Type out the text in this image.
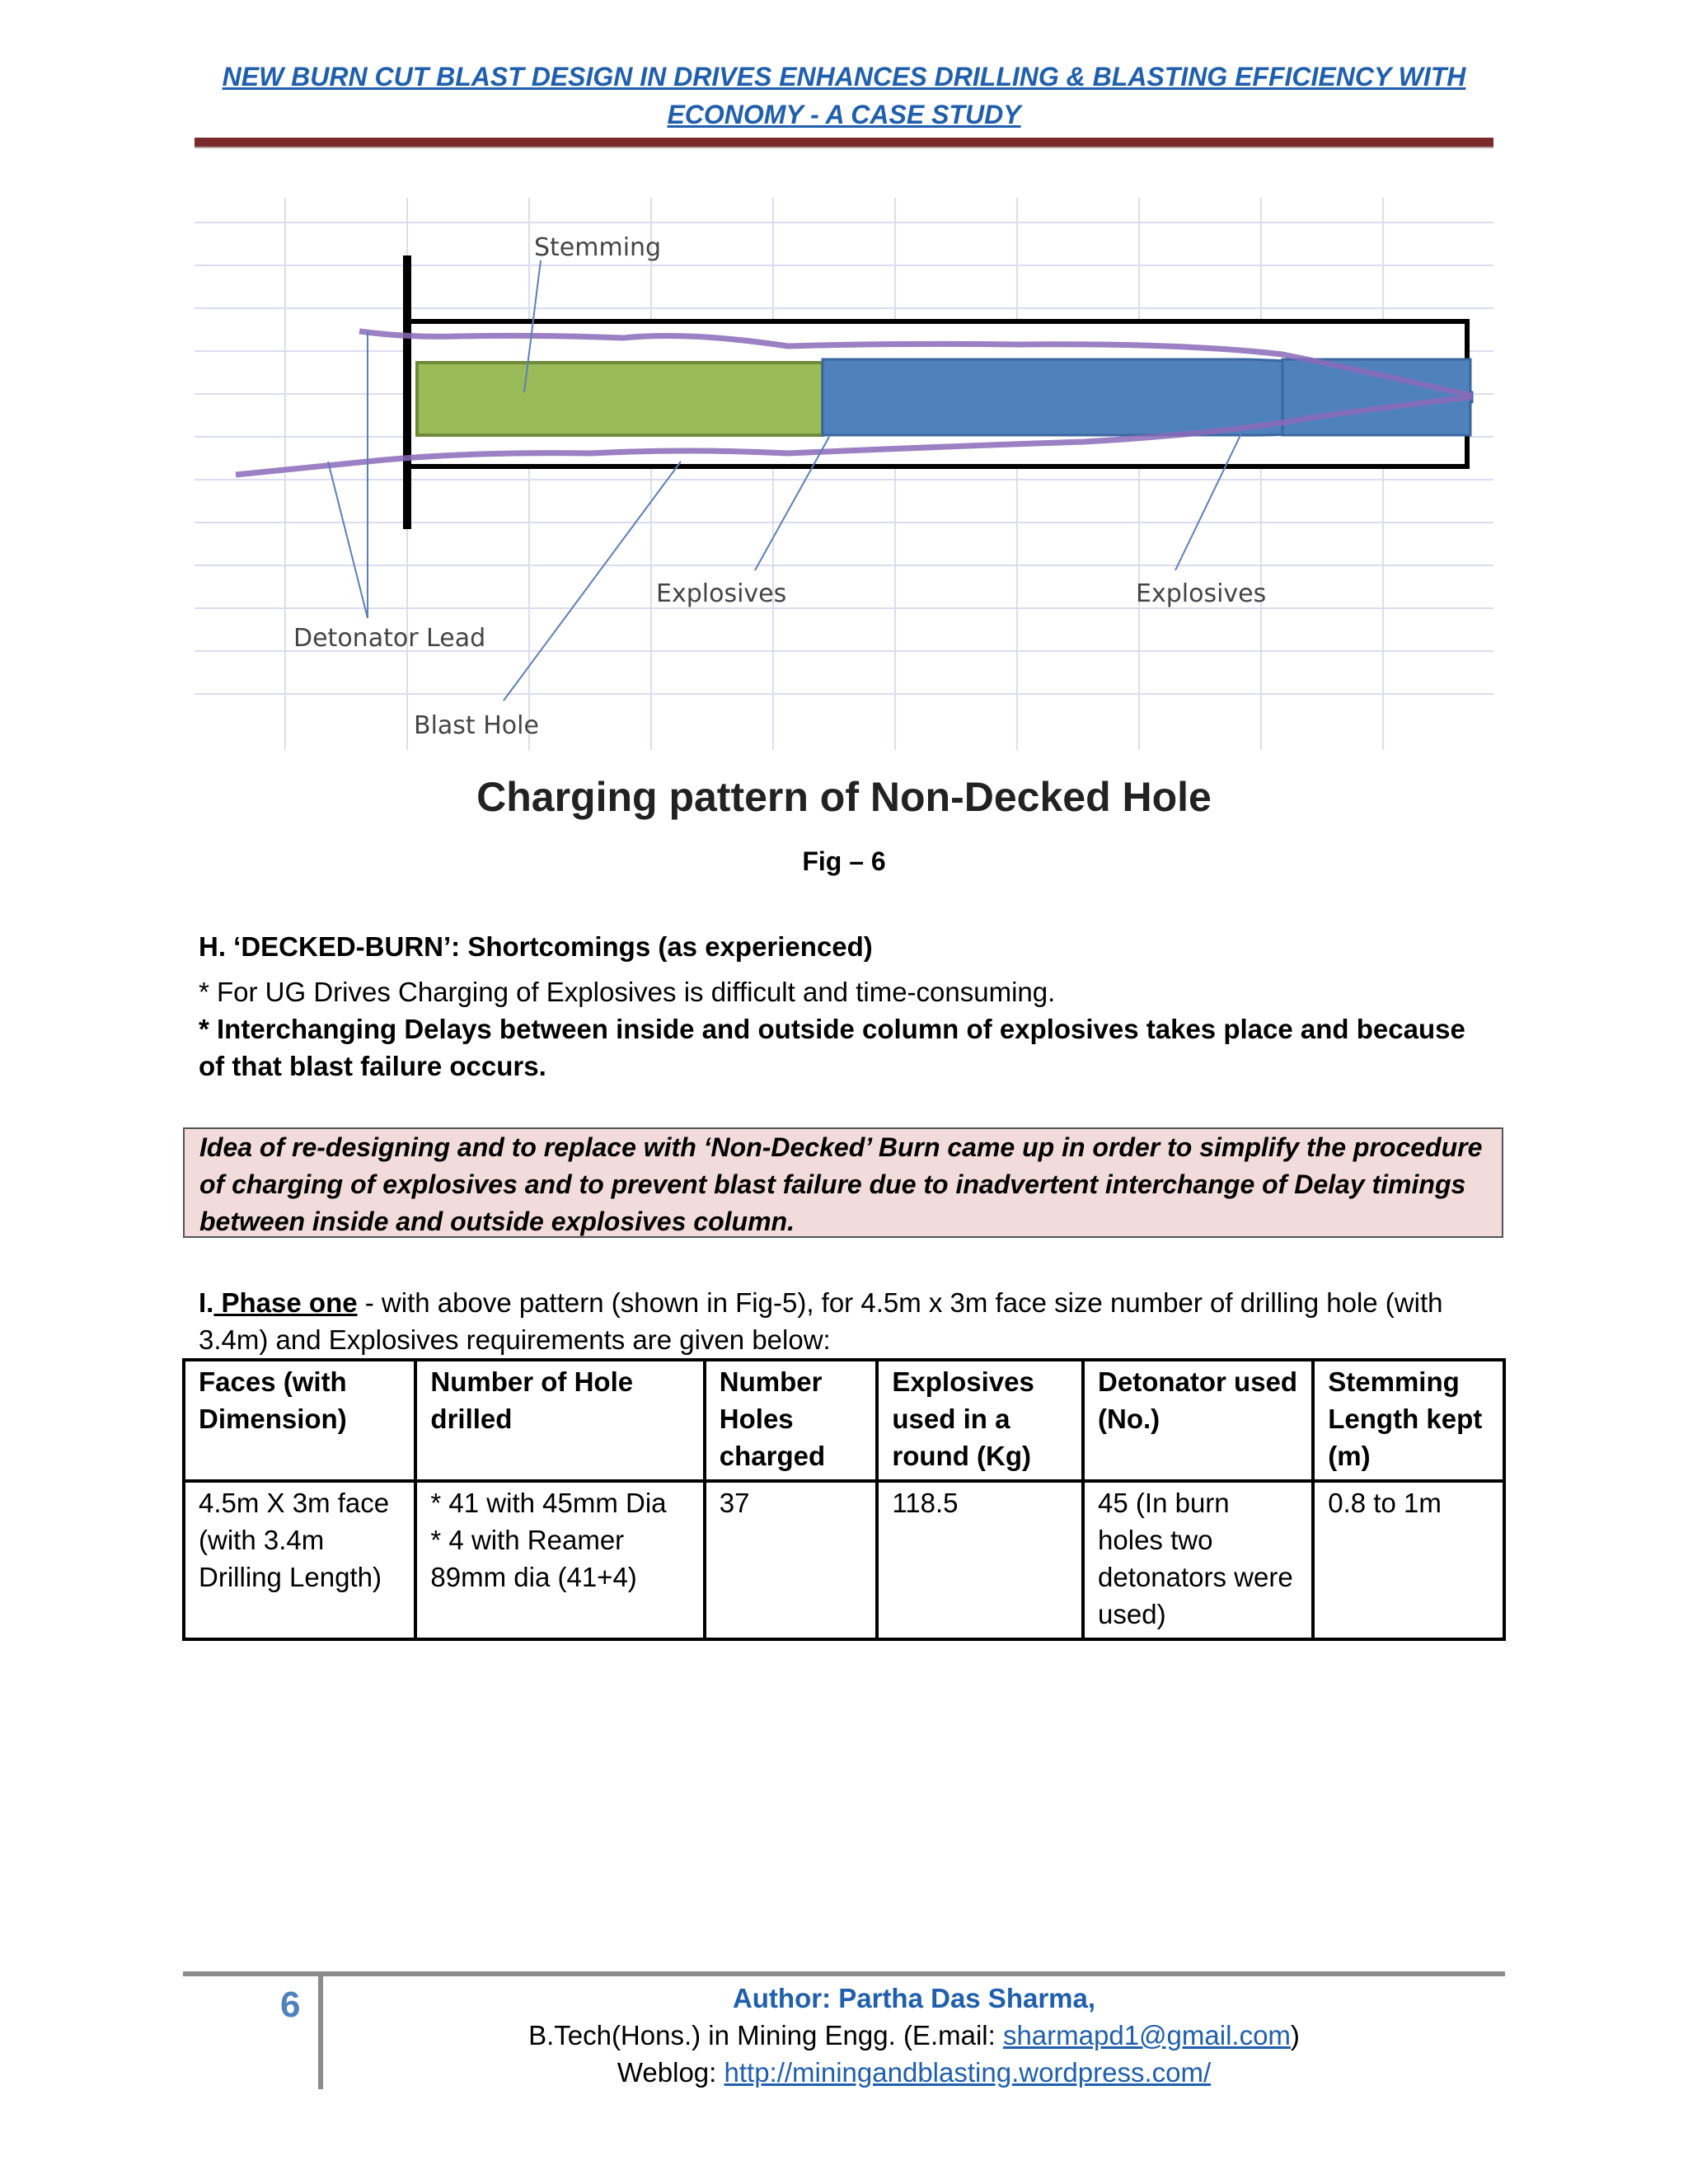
NEW BURN CUT BLAST DESIGN IN DRIVES ENHANCES DRILLING & BLASTING EFFICIENCY WITH
ECONOMY - A CASE STUDY
Stemming
Explosives	Explosives
Detonator Lead
Blast Hole
Charging pattern of Non-Decked Hole
Fig – 6
H. ‘DECKED-BURN’: Shortcomings (as experienced)
* For UG Drives Charging of Explosives is difficult and time-consuming.
* Interchanging Delays between inside and outside column of explosives takes place and because of that blast failure occurs.
Idea of re-designing and to replace with ‘Non-Decked’ Burn came up in order to simplify the procedure of charging of explosives and to prevent blast failure due to inadvertent interchange of Delay timings between inside and outside explosives column.
I. Phase one - with above pattern (shown in Fig-5), for 4.5m x 3m face size number of drilling hole (with 3.4m) and Explosives requirements are given below:
Faces (with Dimension)	Number of Hole drilled	Number Holes charged	Explosives used in a round (Kg)	Detonator used (No.)	Stemming Length kept (m)
4.5m X 3m face (with 3.4m Drilling Length)	* 41 with 45mm Dia
* 4 with Reamer 89mm dia (41+4)	37	118.5	45 (In burn holes two detonators were used)	0.8 to 1m
6	Author: Partha Das Sharma,
B.Tech(Hons.) in Mining Engg. (E.mail: sharmapd1@gmail.com)
Weblog: http://miningandblasting.wordpress.com/
